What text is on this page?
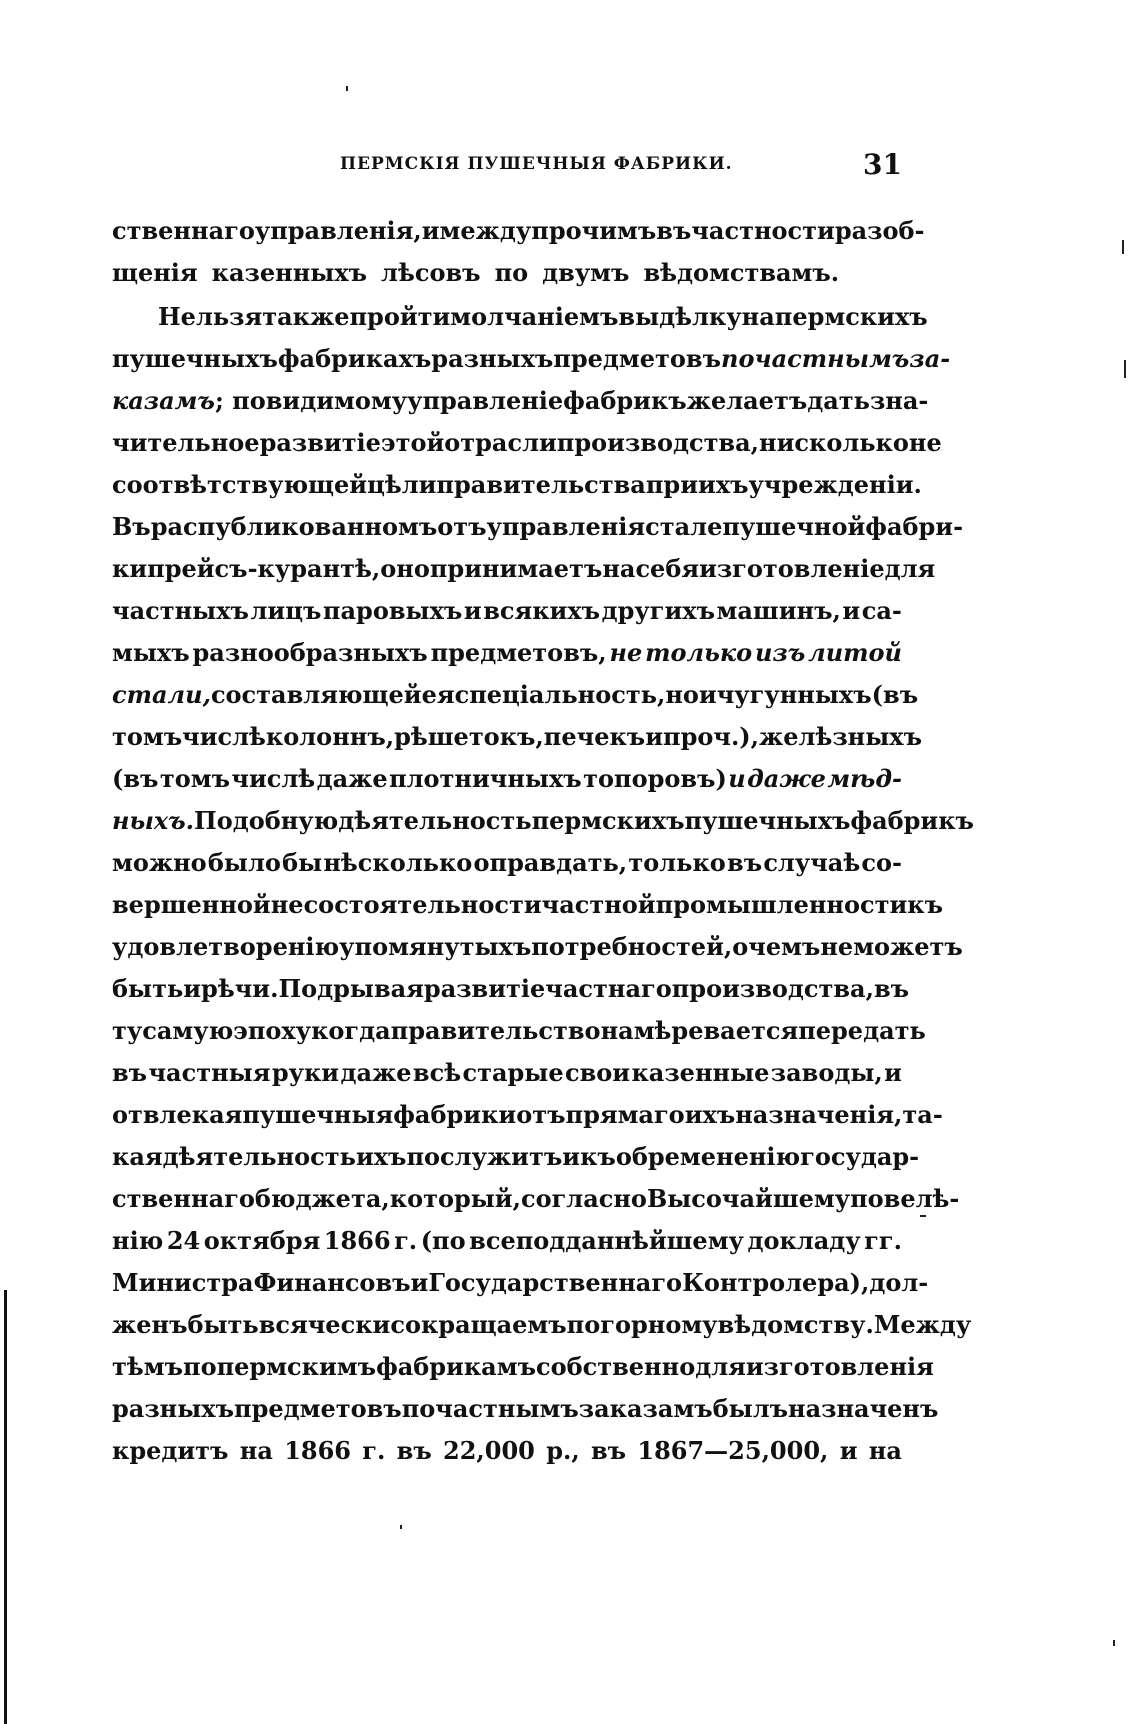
ПЕРМСКІЯ ПУШЕЧНЫЯ ФАБРИКИ.	31
ственнаго управленія, и между прочимъ въ частности разоб-
щенія казенныхъ лѣсовъ по двумъ вѣдомствамъ.
Нельзя также пройти молчаніемъ выдѣлку на пермскихъ
пушечныхъ фабрикахъ разныхъ предметовъ по частнымъ за-
казамъ ; повидимому управленіе фабрикъ желаетъ дать зна-
чительное развитіе этой отрасли производства, нисколько не
соотвѣтствующей цѣли правительства при ихъ учрежденіи.
Въ распубликованномъ отъ управленія сталепушечной фабри-
ки прейсъ-курантѣ, оно принимаетъ на себя изготовленіе для
частныхъ лицъ паровыхъ и всякихъ другихъ машинъ, и са-
мыхъ разнообразныхъ предметовъ, не только изъ литой
стали, составляющей ея спеціальность, но и чугунныхъ (въ
томъ числѣ колоннъ, рѣшетокъ, печекъ и проч.), желѣзныхъ
(въ томъ числѣ даже плотничныхъ топоровъ) и даже мѣд-
ныхъ. Подобную дѣятельность пермскихъ пушечныхъ фабрикъ
можно было бы нѣсколько оправдать, только въ случаѣ со-
вершенной несостоятельности частной промышленности къ
удовлетворенію упомянутыхъ потребностей, о чемъ не можетъ
быть и рѣчи. Подрывая развитіе частнаго производства, въ
ту самую эпоху когда правительство намѣревается передать
въ частныя руки даже всѣ старые свои казенные заводы, и
отвлекая пушечныя фабрики отъ прямаго ихъ назначенія, та-
кая дѣятельность ихъ послужитъ и къ обремененію государ-
ственнаго бюджета, который, согласно Высочайшему повелѣ-
нію 24 октября 1866 г. (по всеподданнѣйшему докладу гг.
Министра Финансовъ и Государственнаго Контролера), дол-
женъ быть всячески сокращаемъ по горному вѣдомству. Между
тѣмъ по пермскимъ фабрикамъ собственно для изготовленія
разныхъ предметовъ по частнымъ заказамъ былъ назначенъ
кредитъ на 1866 г. въ 22,000 р., въ 1867—25,000, и на
